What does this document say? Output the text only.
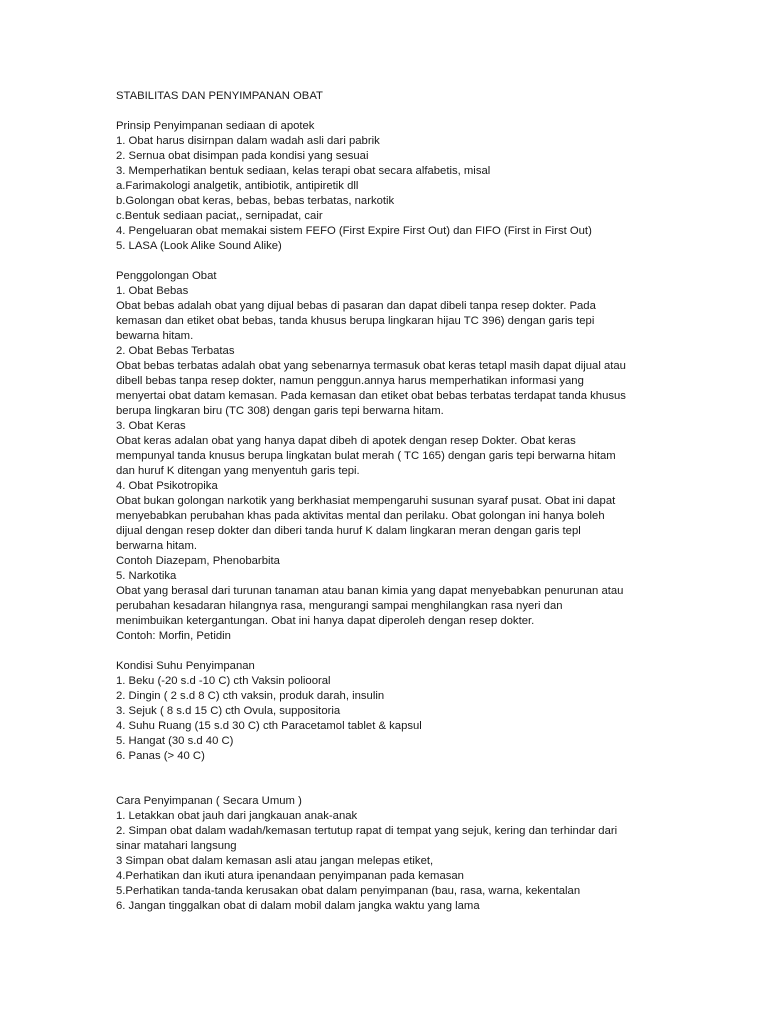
STABILITAS DAN PENYIMPANAN OBAT
Prinsip Penyimpanan sediaan di apotek
1. Obat harus disirnpan dalam wadah asli dari pabrik
2. Sernua obat disimpan pada kondisi yang sesuai
3. Memperhatikan bentuk sediaan, kelas terapi obat secara alfabetis, misal
a.Farimakologi analgetik, antibiotik, antipiretik dll
b.Golongan obat keras, bebas, bebas terbatas, narkotik
c.Bentuk sediaan paciat,, sernipadat, cair
4. Pengeluaran obat memakai sistem FEFO (First Expire First Out) dan FIFO (First in First Out)
5. LASA (Look Alike Sound Alike)
Penggolongan Obat
1. Obat Bebas
Obat bebas adalah obat yang dijual bebas di pasaran dan dapat dibeli tanpa resep dokter. Pada
kemasan dan etiket obat bebas, tanda khusus berupa lingkaran hijau TC 396) dengan garis tepi
bewarna hitam.
2. Obat Bebas Terbatas
Obat bebas terbatas adalah obat yang sebenarnya termasuk obat keras tetapl masih dapat dijual atau
dibell bebas tanpa resep dokter, namun penggun.annya harus memperhatikan informasi yang
menyertai obat datam kemasan. Pada kemasan dan etiket obat bebas terbatas terdapat tanda khusus
berupa lingkaran biru (TC 308) dengan garis tepi berwarna hitam.
3. Obat Keras
Obat keras adalan obat yang hanya dapat dibeh di apotek dengan resep Dokter. Obat keras
mempunyal tanda knusus berupa lingkatan bulat merah ( TC 165) dengan garis tepi berwarna hitam
dan huruf K ditengan yang menyentuh garis tepi.
4. Obat Psikotropika
Obat bukan golongan narkotik yang berkhasiat mempengaruhi susunan syaraf pusat. Obat ini dapat
menyebabkan perubahan khas pada aktivitas mental dan perilaku. Obat golongan ini hanya boleh
dijual dengan resep dokter dan diberi tanda huruf K dalam lingkaran meran dengan garis tepl
berwarna hitam.
Contoh Diazepam, Phenobarbita
5. Narkotika
Obat yang berasal dari turunan tanaman atau banan kimia yang dapat menyebabkan penurunan atau
perubahan kesadaran hilangnya rasa, mengurangi sampai menghilangkan rasa nyeri dan
menimbuikan ketergantungan. Obat ini hanya dapat diperoleh dengan resep dokter.
Contoh: Morfin, Petidin
Kondisi Suhu Penyimpanan
1. Beku (-20 s.d -10 C) cth Vaksin poliooral
2. Dingin ( 2 s.d 8 C) cth vaksin, produk darah, insulin
3. Sejuk ( 8 s.d 15 C) cth Ovula, suppositoria
4. Suhu Ruang (15 s.d 30 C) cth Paracetamol tablet & kapsul
5. Hangat (30 s.d 40 C)
6. Panas (> 40 C)
Cara Penyimpanan ( Secara Umum )
1. Letakkan obat jauh dari jangkauan anak-anak
2. Simpan obat dalam wadah/kemasan tertutup rapat di tempat yang sejuk, kering dan terhindar dari
sinar matahari langsung
3 Simpan obat dalam kemasan asli atau jangan melepas etiket,
4.Perhatikan dan ikuti atura ipenandaan penyimpanan pada kemasan
5.Perhatikan tanda-tanda kerusakan obat dalam penyimpanan (bau, rasa, warna, kekentalan
6. Jangan tinggalkan obat di dalam mobil dalam jangka waktu yang lama
